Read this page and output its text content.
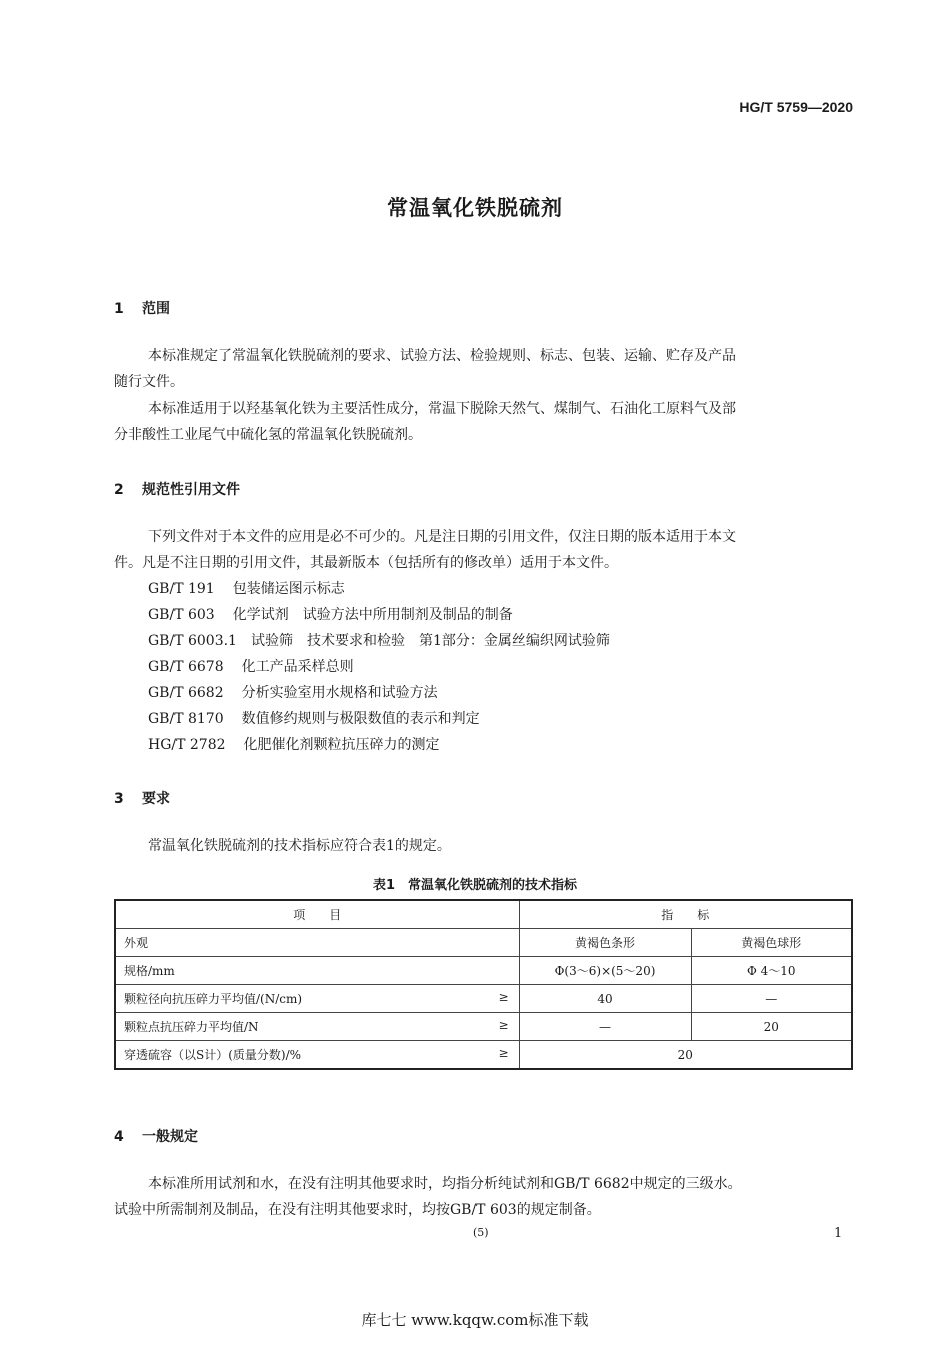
HG/T 5759—2020
常温氧化铁脱硫剂
1 范围
本标准规定了常温氧化铁脱硫剂的要求、试验方法、检验规则、标志、包装、运输、贮存及产品
随行文件。
本标准适用于以羟基氧化铁为主要活性成分，常温下脱除天然气、煤制气、石油化工原料气及部
分非酸性工业尾气中硫化氢的常温氧化铁脱硫剂。
2 规范性引用文件
下列文件对于本文件的应用是必不可少的。凡是注日期的引用文件，仅注日期的版本适用于本文
件。凡是不注日期的引用文件，其最新版本（包括所有的修改单）适用于本文件。
GB/T 191 包装储运图示标志
GB/T 603 化学试剂　试验方法中所用制剂及制品的制备
GB/T 6003.1 试验筛　技术要求和检验　第1部分：金属丝编织网试验筛
GB/T 6678 化工产品采样总则
GB/T 6682 分析实验室用水规格和试验方法
GB/T 8170 数值修约规则与极限数值的表示和判定
HG/T 2782 化肥催化剂颗粒抗压碎力的测定
3 要求
常温氧化铁脱硫剂的技术指标应符合表1的规定。
表1　常温氧化铁脱硫剂的技术指标
项　　目	指　　标	
外观	黄褐色条形	黄褐色球形
规格/mm	Φ(3～6)×(5～20)	Φ 4～10
颗粒径向抗压碎力平均值/(N/cm) ≥	40	—
颗粒点抗压碎力平均值/N ≥	—	20
穿透硫容（以S计）(质量分数)/% ≥	20	
4 一般规定
本标准所用试剂和水，在没有注明其他要求时，均指分析纯试剂和GB/T 6682中规定的三级水。
试验中所需制剂及制品，在没有注明其他要求时，均按GB/T 603的规定制备。
(5)	1
库七七 www.kqqw.com标准下载
